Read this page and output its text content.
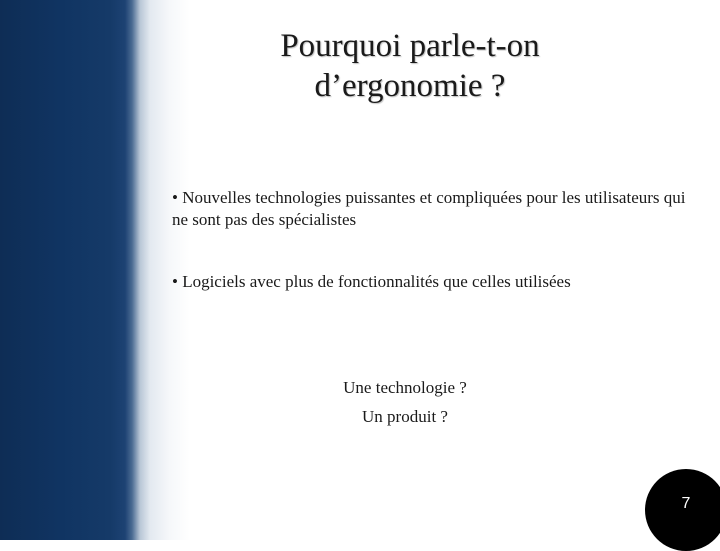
Pourquoi parle-t-on
d’ergonomie ?
• Nouvelles technologies puissantes et compliquées pour les utilisateurs qui ne sont pas des spécialistes
• Logiciels avec plus de fonctionnalités que celles utilisées
Une technologie ?
Un produit ?
7
